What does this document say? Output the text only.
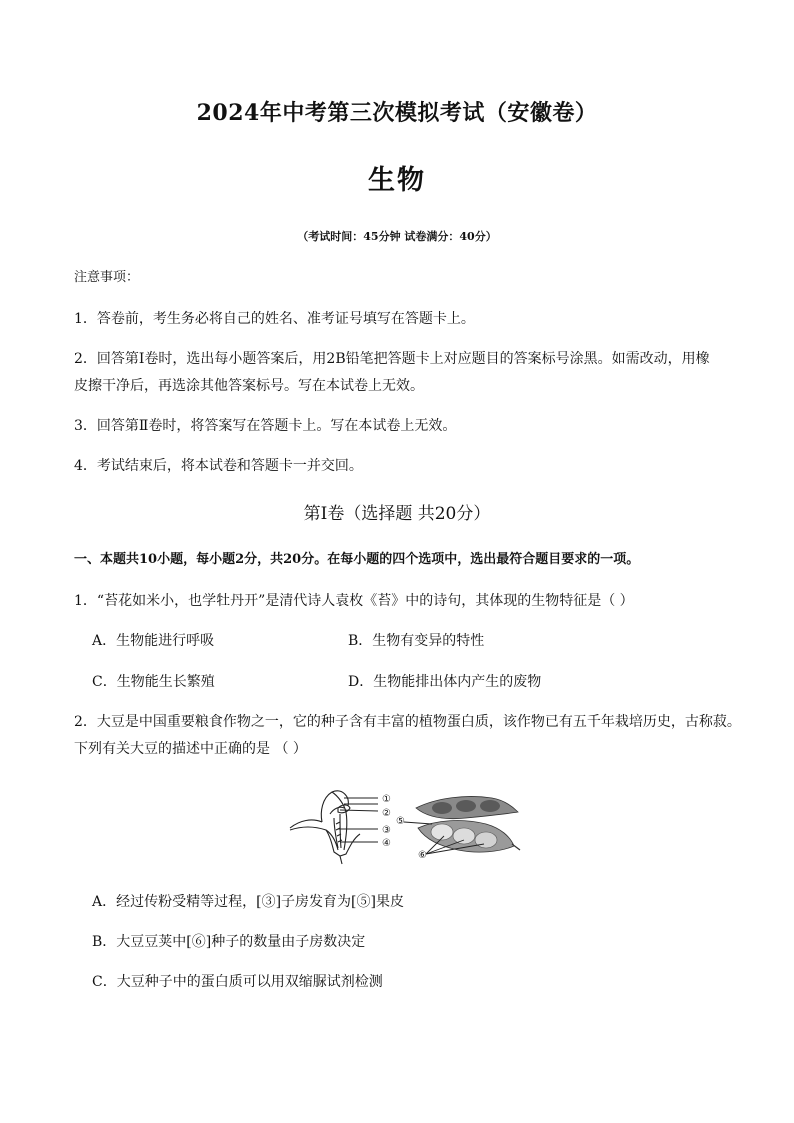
2024年中考第三次模拟考试（安徽卷）
生物
（考试时间：45分钟 试卷满分：40分）
注意事项：
1．答卷前，考生务必将自己的姓名、准考证号填写在答题卡上。
2．回答第Ⅰ卷时，选出每小题答案后，用2B铅笔把答题卡上对应题目的答案标号涂黑。如需改动，用橡
皮擦干净后，再选涂其他答案标号。写在本试卷上无效。
3．回答第Ⅱ卷时，将答案写在答题卡上。写在本试卷上无效。
4．考试结束后，将本试卷和答题卡一并交回。
第Ⅰ卷（选择题 共20分）
一、本题共10小题，每小题2分，共20分。在每小题的四个选项中，选出最符合题目要求的一项。
1．“苔花如米小，也学牡丹开”是清代诗人袁枚《苔》中的诗句，其体现的生物特征是（ ）
A．生物能进行呼吸	B．生物有变异的特性
C．生物能生长繁殖	D．生物能排出体内产生的废物
2．大豆是中国重要粮食作物之一，它的种子含有丰富的植物蛋白质，该作物已有五千年栽培历史，古称菽。
下列有关大豆的描述中正确的是 （ ）
①
②
③
④
⑤
⑥
A．经过传粉受精等过程，[③]子房发育为[⑤]果皮
B．大豆豆荚中[⑥]种子的数量由子房数决定
C．大豆种子中的蛋白质可以用双缩脲试剂检测
